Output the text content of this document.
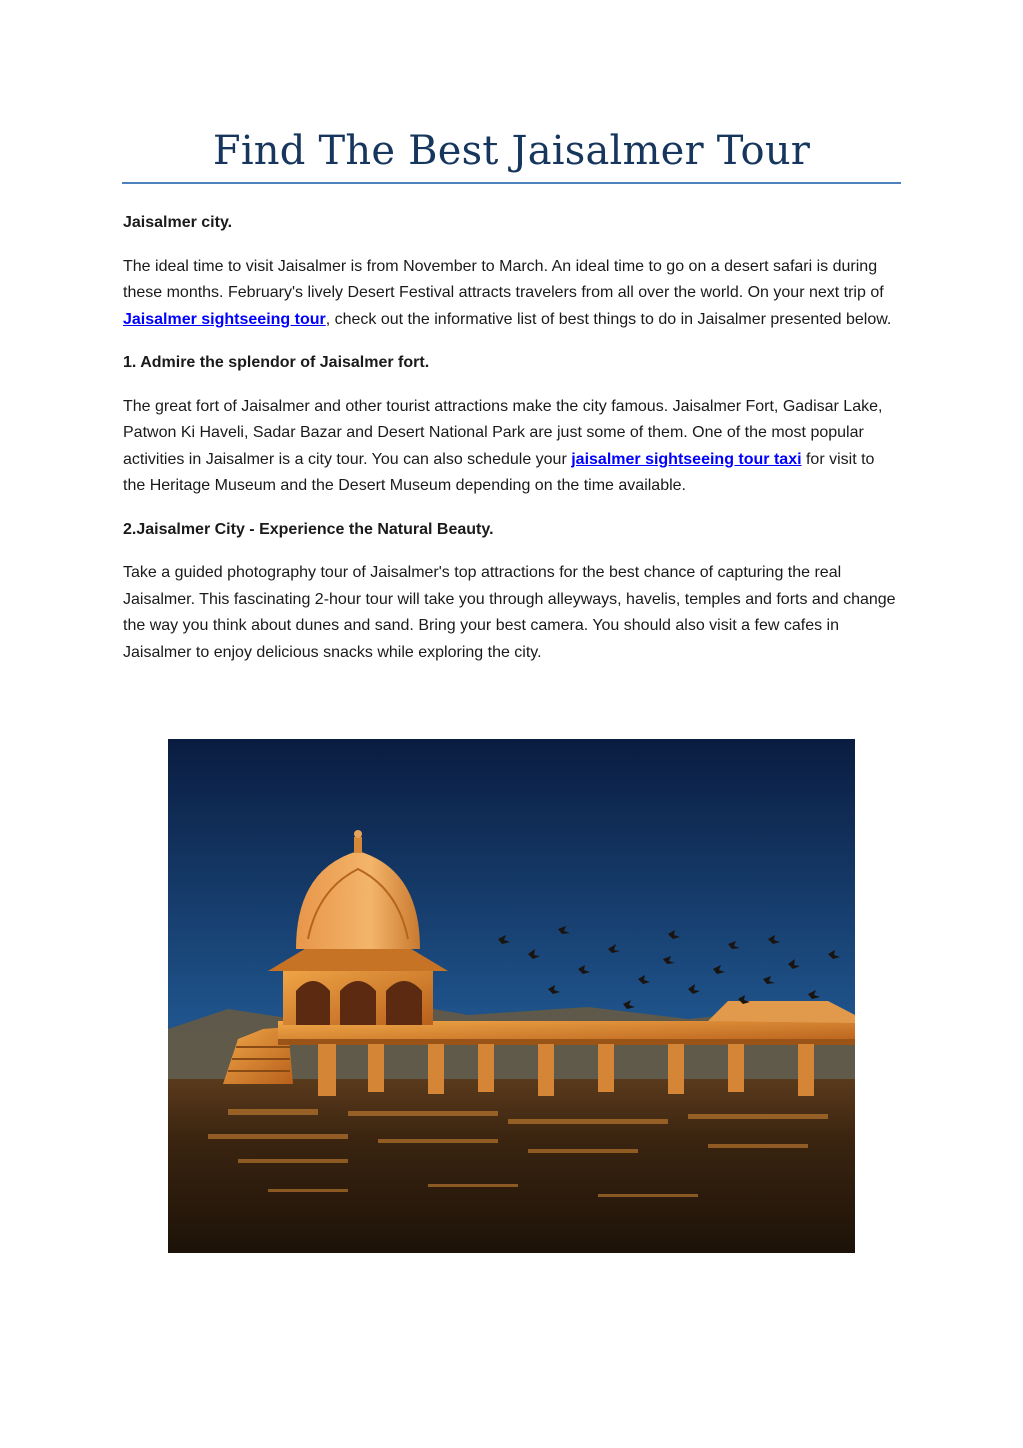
Find The Best Jaisalmer Tour

Jaisalmer city.

The ideal time to visit Jaisalmer is from November to March. An ideal time to go on a desert safari is during these months. February's lively Desert Festival attracts travelers from all over the world. On your next trip of Jaisalmer sightseeing tour, check out the informative list of best things to do in Jaisalmer presented below.

1. Admire the splendor of Jaisalmer fort.

The great fort of Jaisalmer and other tourist attractions make the city famous. Jaisalmer Fort, Gadisar Lake, Patwon Ki Haveli, Sadar Bazar and Desert National Park are just some of them. One of the most popular activities in Jaisalmer is a city tour. You can also schedule your jaisalmer sightseeing tour taxi for visit to the Heritage Museum and the Desert Museum depending on the time available.

2.Jaisalmer City - Experience the Natural Beauty.

Take a guided photography tour of Jaisalmer's top attractions for the best chance of capturing the real Jaisalmer. This fascinating 2-hour tour will take you through alleyways, havelis, temples and forts and change the way you think about dunes and sand. Bring your best camera. You should also visit a few cafes in Jaisalmer to enjoy delicious snacks while exploring the city.
